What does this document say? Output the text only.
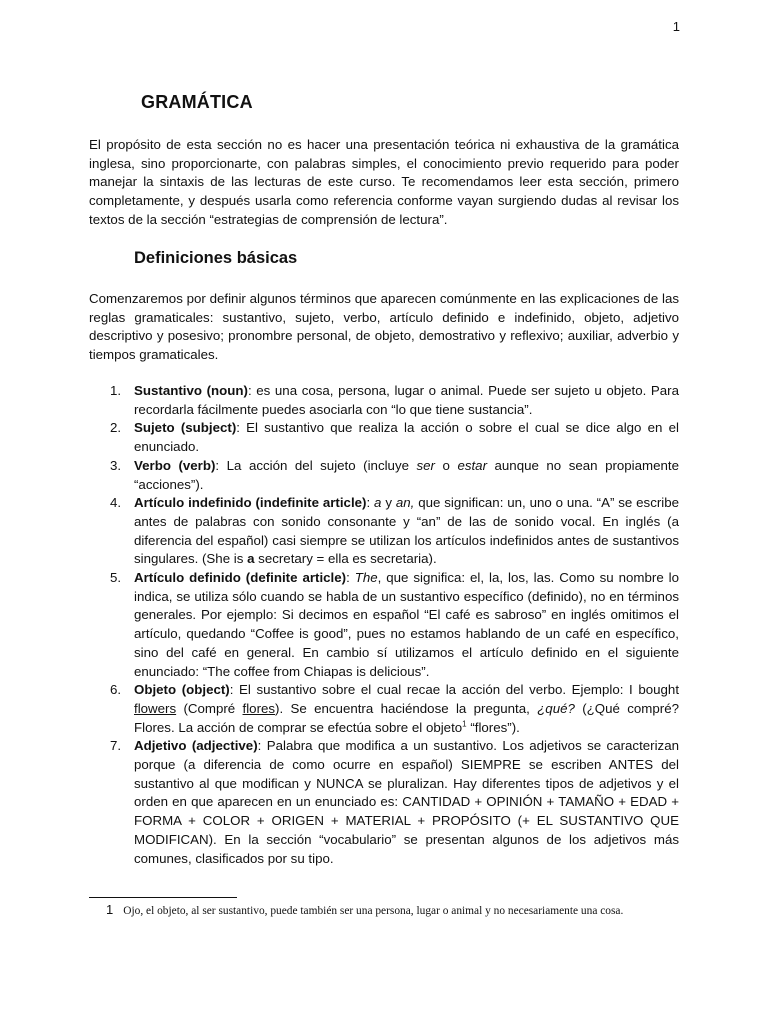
1
GRAMÁTICA

El propósito de esta sección no es hacer una presentación teórica ni exhaustiva de la gramática inglesa, sino proporcionarte, con palabras simples, el conocimiento previo requerido para poder manejar la sintaxis de las lecturas de este curso. Te recomendamos leer esta sección, primero completamente, y después usarla como referencia conforme vayan surgiendo dudas al revisar los textos de la sección “estrategias de comprensión de lectura”.

Definiciones básicas

Comenzaremos por definir algunos términos que aparecen comúnmente en las explicaciones de las reglas gramaticales: sustantivo, sujeto, verbo, artículo definido e indefinido, objeto, adjetivo descriptivo y posesivo; pronombre personal, de objeto, demostrativo y reflexivo; auxiliar, adverbio y tiempos gramaticales.

1. Sustantivo (noun): es una cosa, persona, lugar o animal. Puede ser sujeto u objeto. Para recordarla fácilmente puedes asociarla con “lo que tiene sustancia”.
2. Sujeto (subject): El sustantivo que realiza la acción o sobre el cual se dice algo en el enunciado.
3. Verbo (verb): La acción del sujeto (incluye ser o estar aunque no sean propiamente “acciones”).
4. Artículo indefinido (indefinite article): a y an, que significan: un, uno o una. “A” se escribe antes de palabras con sonido consonante y “an” de las de sonido vocal. En inglés (a diferencia del español) casi siempre se utilizan los artículos indefinidos antes de sustantivos singulares. (She is a secretary = ella es secretaria).
5. Artículo definido (definite article): The, que significa: el, la, los, las. Como su nombre lo indica, se utiliza sólo cuando se habla de un sustantivo específico (definido), no en términos generales. Por ejemplo: Si decimos en español “El café es sabroso” en inglés omitimos el artículo, quedando “Coffee is good”, pues no estamos hablando de un café en específico, sino del café en general. En cambio sí utilizamos el artículo definido en el siguiente enunciado: “The coffee from Chiapas is delicious”.
6. Objeto (object): El sustantivo sobre el cual recae la acción del verbo. Ejemplo: I bought flowers (Compré flores). Se encuentra haciéndose la pregunta, ¿qué? (¿Qué compré? Flores. La acción de comprar se efectúa sobre el objeto$^1$ “flores”).
7. Adjetivo (adjective): Palabra que modifica a un sustantivo. Los adjetivos se caracterizan porque (a diferencia de como ocurre en español) SIEMPRE se escriben ANTES del sustantivo al que modifican y NUNCA se pluralizan. Hay diferentes tipos de adjetivos y el orden en que aparecen en un enunciado es: CANTIDAD + OPINIÓN + TAMAÑO + EDAD + FORMA + COLOR + ORIGEN + MATERIAL + PROPÓSITO (+ EL SUSTANTIVO QUE MODIFICAN). En la sección “vocabulario” se presentan algunos de los adjetivos más comunes, clasificados por su tipo.

1 Ojo, el objeto, al ser sustantivo, puede también ser una persona, lugar o animal y no necesariamente una cosa.
